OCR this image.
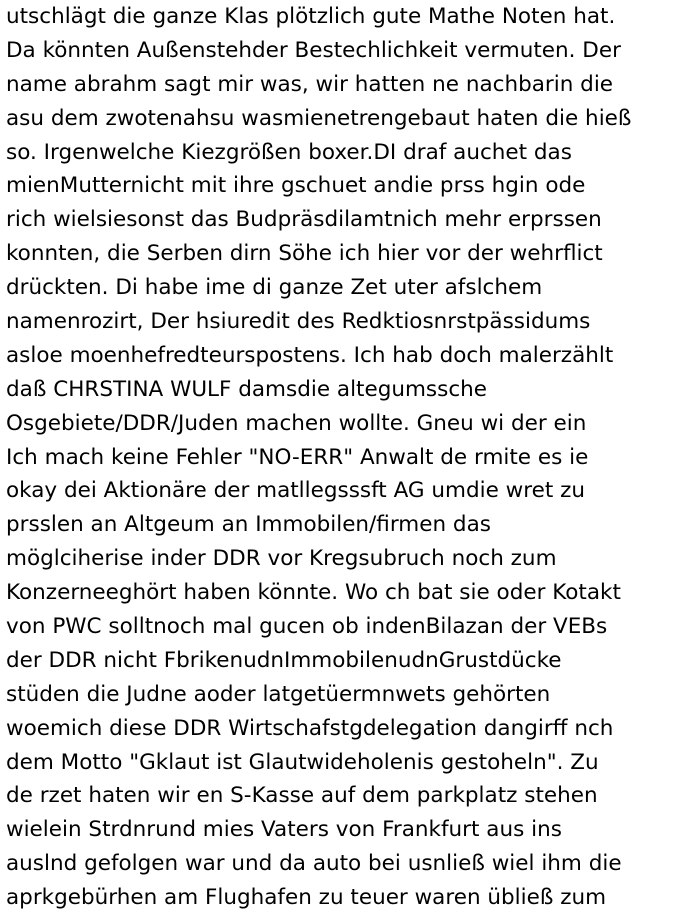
utschlägt die ganze Klas plötzlich gute Mathe Noten hat.
Da könnten Außenstehder Bestechlichkeit vermuten. Der
name abrahm sagt mir was, wir hatten ne nachbarin die
asu dem zwotenahsu wasmienetrengebaut haten die hieß
so. Irgenwelche Kiezgrößen boxer.DI draf auchet das
mienMutternicht mit ihre gschuet andie prss hgin ode
rich wielsiesonst das Budpräsdilamtnich mehr erprssen
konnten, die Serben dirn Söhe ich hier vor der wehrflict
drückten. Di habe ime di ganze Zet uter afslchem
namenrozirt, Der hsiuredit des Redktiosnrstpässidums
asloe moenhefredteurspostens. Ich hab doch malerzählt
daß CHRSTINA WULF damsdie altegumssche
Osgebiete/DDR/Juden machen wollte. Gneu wi der ein
Ich mach keine Fehler "NO-ERR" Anwalt de rmite es ie
okay dei Aktionäre der matllegsssft AG umdie wret zu
prsslen an Altgeum an Immobilen/firmen das
möglciherise inder DDR vor Kregsubruch noch zum
Konzerneeghört haben könnte. Wo ch bat sie oder Kotakt
von PWC solltnoch mal gucen ob indenBilazan der VEBs
der DDR nicht FbrikenudnImmobilenudnGrustdücke
stüden die Judne aoder latgetüermnwets gehörten
woemich diese DDR Wirtschafstgdelegation dangirff nch
dem Motto "Gklaut ist Glautwideholenis gestoheln". Zu
de rzet haten wir en S-Kasse auf dem parkplatz stehen
wielein Strdnrund mies Vaters von Frankfurt aus ins
auslnd gefolgen war und da auto bei usnließ wiel ihm die
aprkgebürhen am Flughafen zu teuer waren übließ zum
